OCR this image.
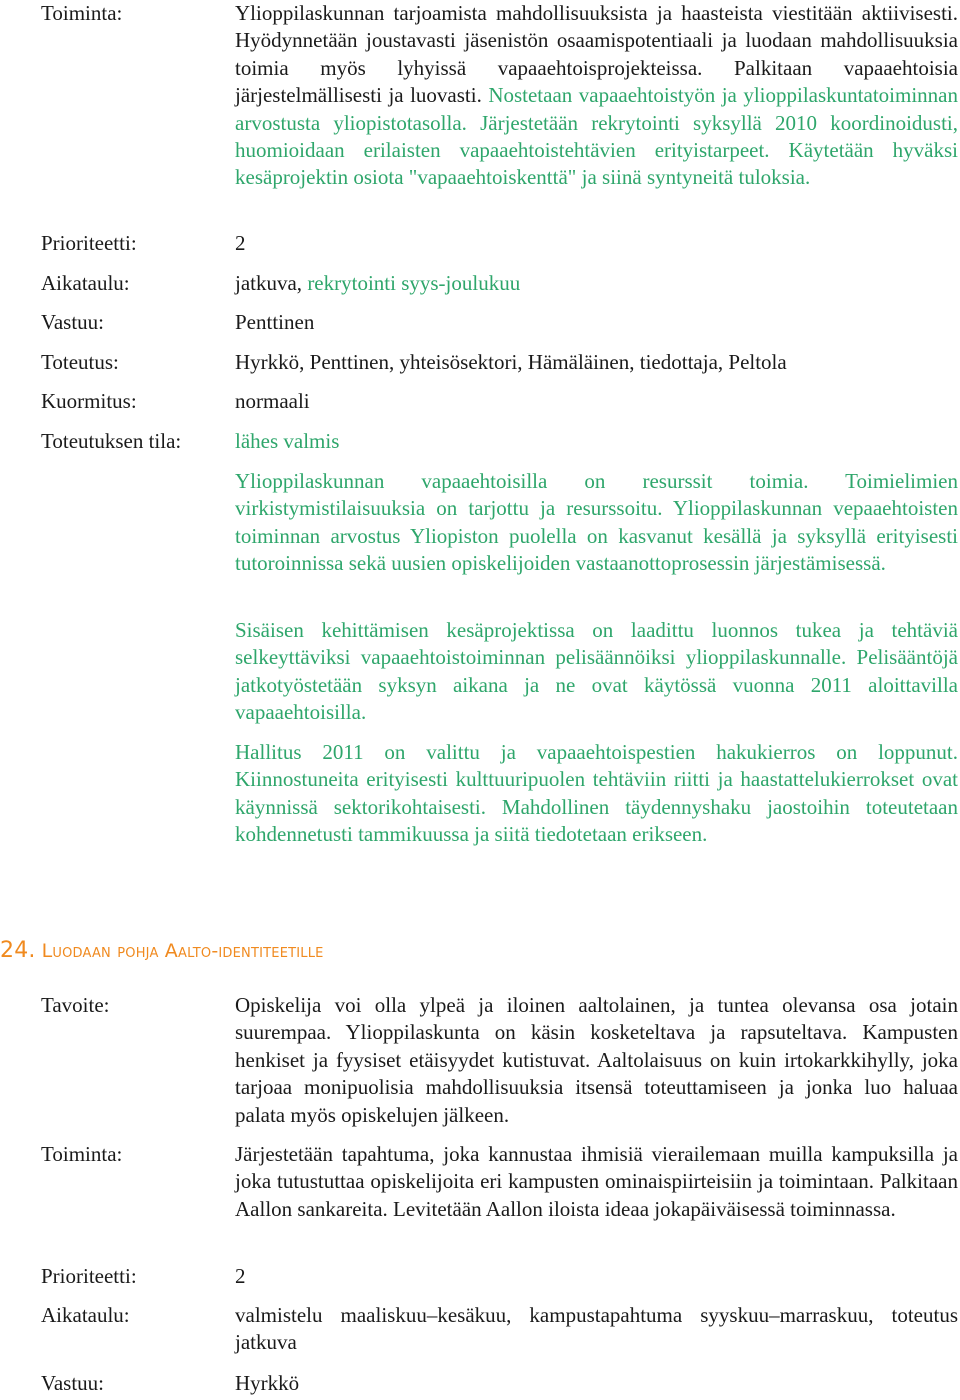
Toiminta:	Ylioppilaskunnan tarjoamista mahdollisuuksista ja haasteista viestitään aktiivisesti. Hyödynnetään joustavasti jäsenistön osaamispotentiaali ja luodaan mahdollisuuksia toimia myös lyhyissä vapaaehtoisprojekteissa. Palkitaan vapaaehtoisia järjestelmällisesti ja luovasti. Nostetaan vapaaehtoistyön ja ylioppilaskuntatoiminnan arvostusta yliopistotasolla. Järjestetään rekrytointi syksyllä 2010 koordinoidusti, huomioidaan erilaisten vapaaehtoistehtävien erityistarpeet. Käytetään hyväksi kesäprojektin osiota "vapaaehtoiskenttä" ja siinä syntyneitä tuloksia.
Prioriteetti:	2
Aikataulu:	jatkuva, rekrytointi syys-joulukuu
Vastuu:	Penttinen
Toteutus:	Hyrkkö, Penttinen, yhteisösektori, Hämäläinen, tiedottaja, Peltola
Kuormitus:	normaali
Toteutuksen tila:	lähes valmis
Ylioppilaskunnan vapaaehtoisilla on resurssit toimia. Toimielimien virkistymistilaisuuksia on tarjottu ja resurssoitu. Ylioppilaskunnan vepaaehtoisten toiminnan arvostus Yliopiston puolella on kasvanut kesällä ja syksyllä erityisesti tutoroinnissa sekä uusien opiskelijoiden vastaanottoprosessin järjestämisessä.
Sisäisen kehittämisen kesäprojektissa on laadittu luonnos tukea ja tehtäviä selkeyttäviksi vapaaehtoistoiminnan pelisäännöiksi ylioppilaskunnalle. Pelisääntöjä jatkotyöstetään syksyn aikana ja ne ovat käytössä vuonna 2011 aloittavilla vapaaehtoisilla.
Hallitus 2011 on valittu ja vapaaehtoispestien hakukierros on loppunut. Kiinnostuneita erityisesti kulttuuripuolen tehtäviin riitti ja haastattelukierrokset ovat käynnissä sektorikohtaisesti. Mahdollinen täydennyshaku jaostoihin toteutetaan kohdennetusti tammikuussa ja siitä tiedotetaan erikseen.
24. Luodaan pohja Aalto-identiteetille
Tavoite:	Opiskelija voi olla ylpeä ja iloinen aaltolainen, ja tuntea olevansa osa jotain suurempaa. Ylioppilaskunta on käsin kosketeltava ja rapsuteltava. Kampusten henkiset ja fyysiset etäisyydet kutistuvat. Aaltolaisuus on kuin irtokarkkihylly, joka tarjoaa monipuolisia mahdollisuuksia itsensä toteuttamiseen ja jonka luo haluaa palata myös opiskelujen jälkeen.
Toiminta:	Järjestetään tapahtuma, joka kannustaa ihmisiä vierailemaan muilla kampuksilla ja joka tutustuttaa opiskelijoita eri kampusten ominaispiirteisiin ja toimintaan. Palkitaan Aallon sankareita. Levitetään Aallon iloista ideaa jokapäiväisessä toiminnassa.
Prioriteetti:	2
Aikataulu:	valmistelu maaliskuu–kesäkuu, kampustapahtuma syyskuu–marraskuu, toteutus jatkuva
Vastuu:	Hyrkkö
